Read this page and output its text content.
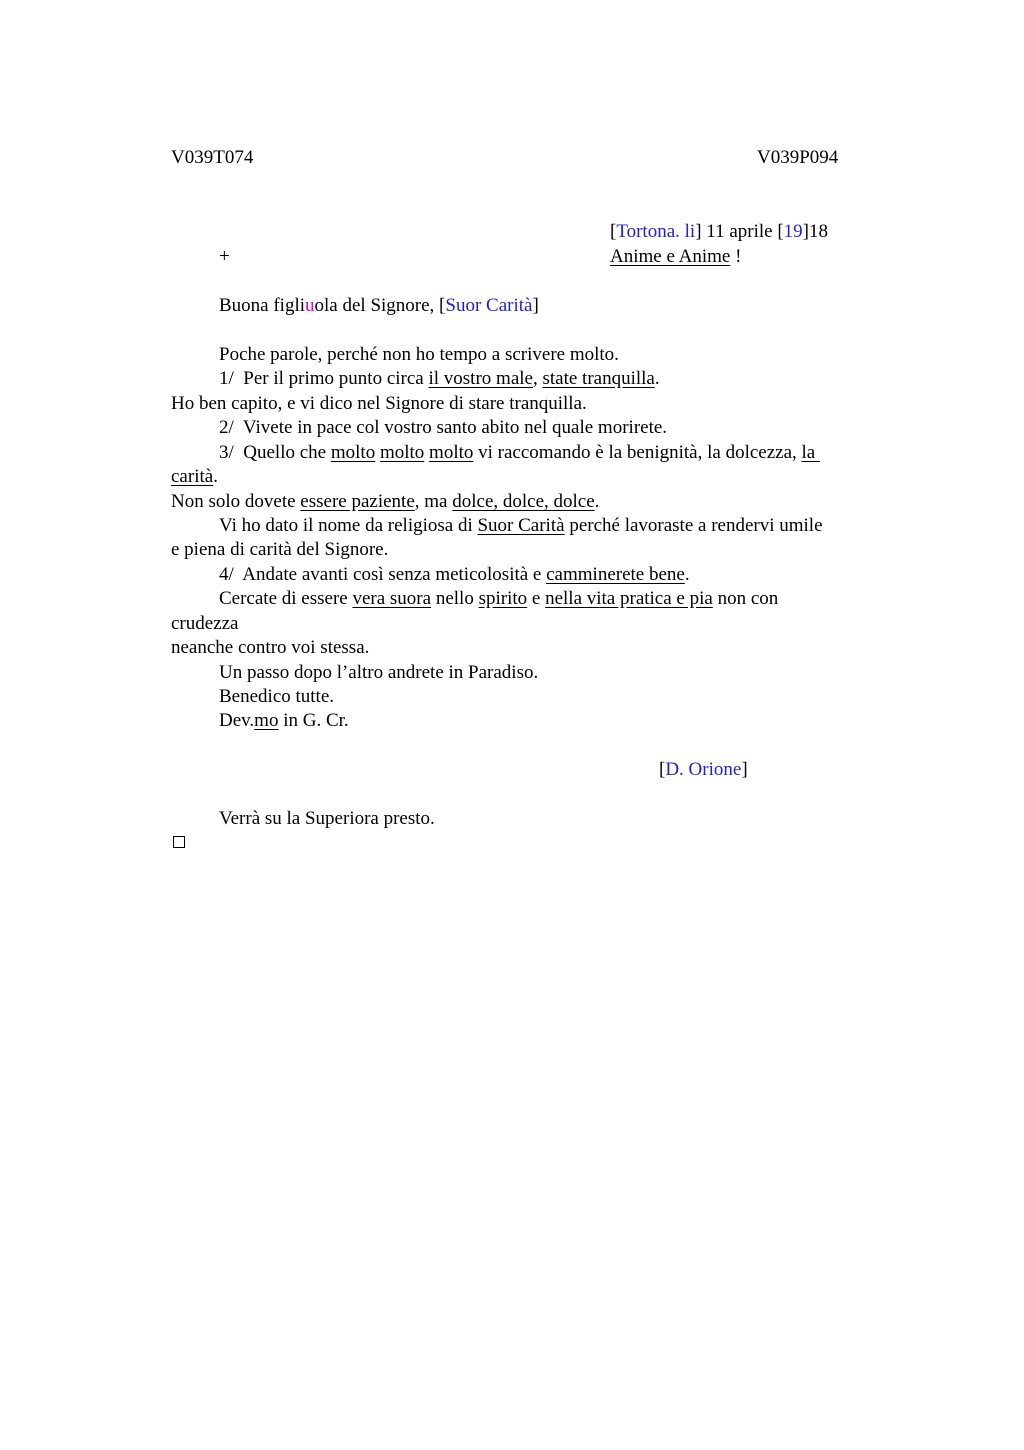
V039T074	V039P094
[Tortona. li] 11 aprile [19]18
+	Anime e Anime !
Buona figliuola del Signore, [Suor Carità]
Poche parole, perché non ho tempo a scrivere molto.
1/  Per il primo punto circa il vostro male, state tranquilla.
Ho ben capito, e vi dico nel Signore di stare tranquilla.
2/  Vivete in pace col vostro santo abito nel quale morirete.
3/  Quello che molto molto molto vi raccomando è la benignità, la dolcezza, la
carità.
Non solo dovete essere paziente, ma dolce, dolce, dolce.
Vi ho dato il nome da religiosa di Suor Carità perché lavoraste a rendervi umile
e piena di carità del Signore.
4/  Andate avanti così senza meticolosità e camminerete bene.
Cercate di essere vera suora nello spirito e nella vita pratica e pia non con
crudezza
neanche contro voi stessa.
Un passo dopo l’altro andrete in Paradiso.
Benedico tutte.
Dev.mo in G. Cr.
[D. Orione]
Verrà su la Superiora presto.
